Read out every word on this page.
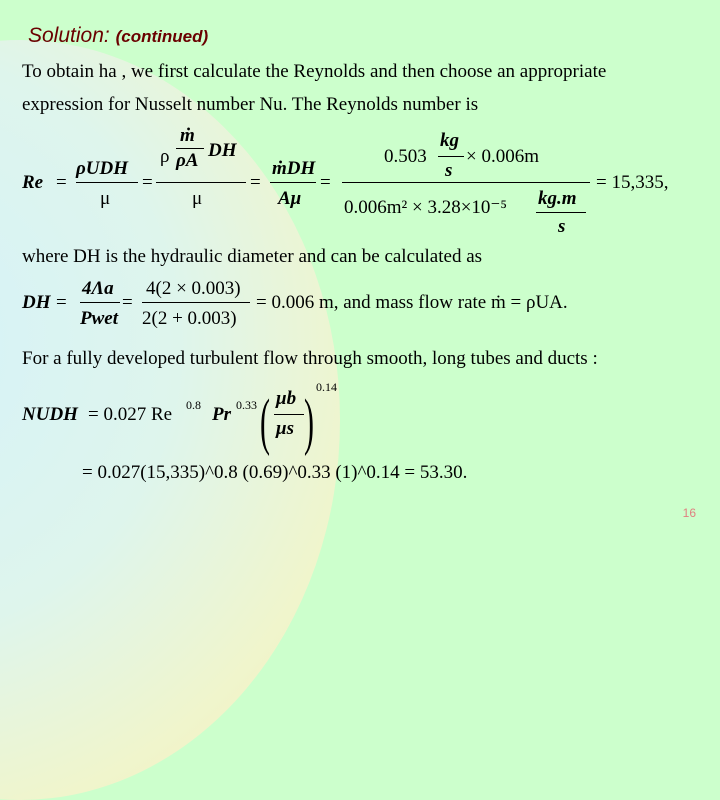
Solution: (continued)
To obtain ha , we first calculate the Reynolds and then choose an appropriate
expression for Nusselt number Nu. The Reynolds number is
Re =
ρUDH
μ
=
ρ
ṁ
ρA DH
μ
=
ṁDH
Aμ
=
0.503
kg
s
× 0.006m
0.006m² × 3.28×10⁻⁵ kg.m
s
= 15,335,
where DH is the hydraulic diameter and can be calculated as
DH =
4Λa
Pwet
=
4(2 × 0.003)
2(2 + 0.003)
= 0.006 m, and mass flow rate ṁ = ρUA.
For a fully developed turbulent flow through smooth, long tubes and ducts :
NUDH = 0.027 Re 0.8 Pr 0.33 ( μb
μs )
0.14
= 0.027(15,335)^0.8 (0.69)^0.33 (1)^0.14 = 53.30.
16
